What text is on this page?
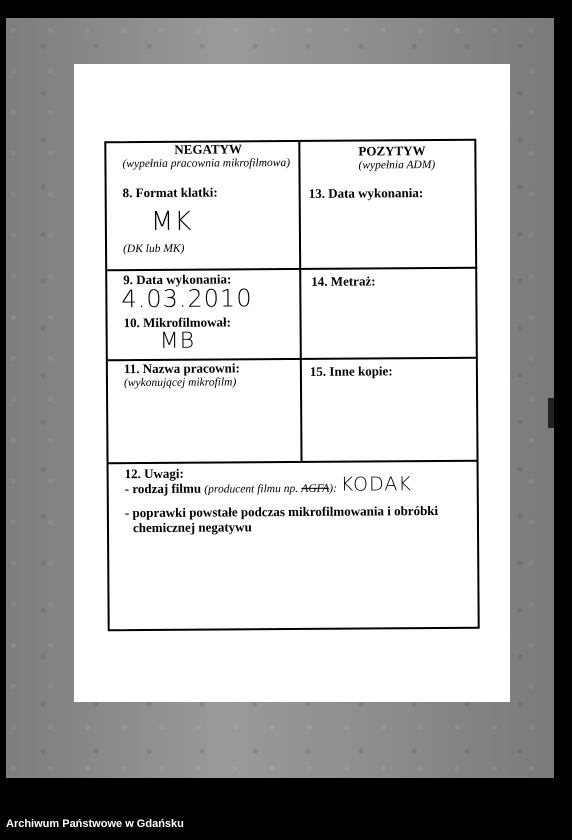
NEGATYW
(wypełnia pracownia mikrofilmowa)
POZYTYW
(wypełnia ADM)
8. Format klatki:
MK
(DK lub MK)
13. Data wykonania:
9. Data wykonania:
4.03.2010
14. Metraż:
10. Mikrofilmował:
MB
11. Nazwa pracowni:
(wykonującej mikrofilm)
15. Inne kopie:
12. Uwagi:
- rodzaj filmu (producent filmu np. AGFA): KODAK
- poprawki powstałe podczas mikrofilmowania i obróbki
chemicznej negatywu
Archiwum Państwowe w Gdańsku
